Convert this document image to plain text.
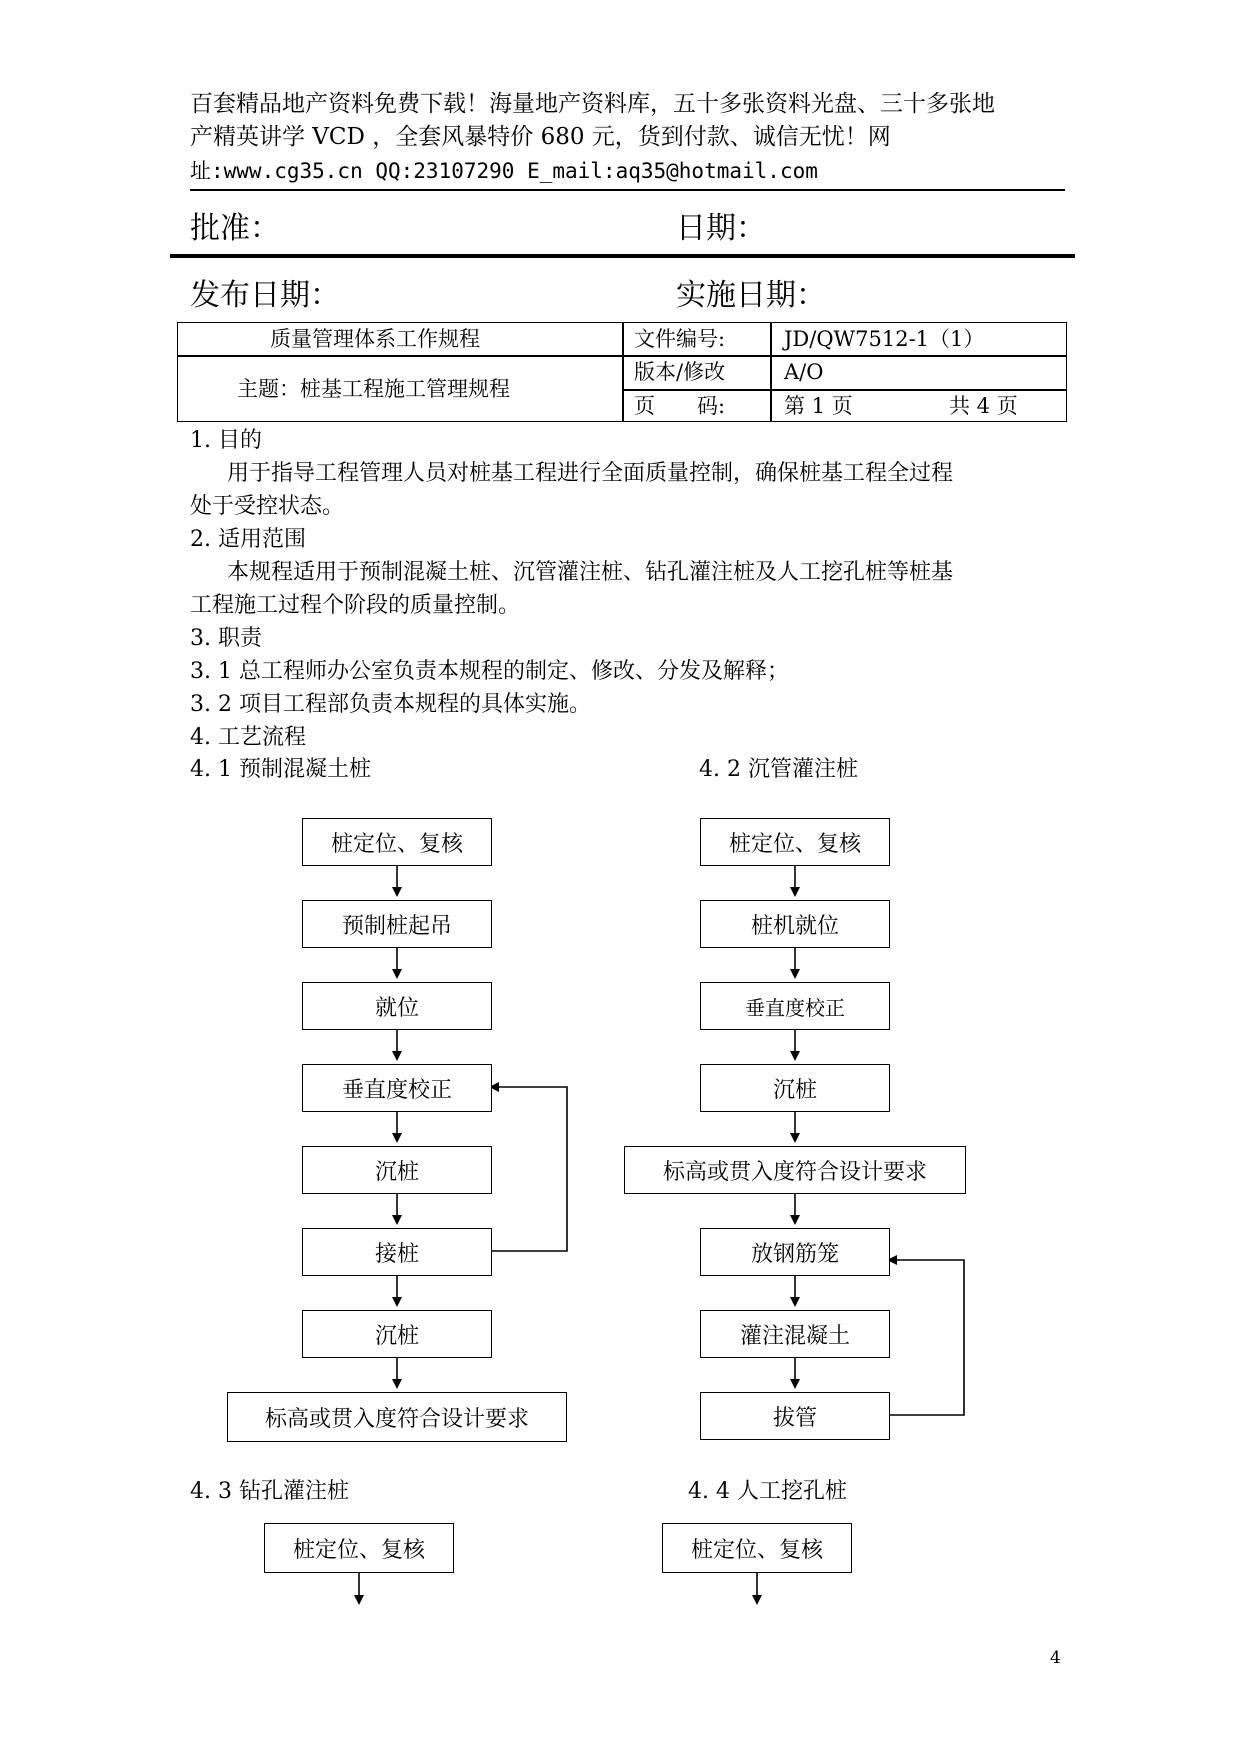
百套精品地产资料免费下载！海量地产资料库，五十多张资料光盘、三十多张地
产精英讲学 VCD ，全套风暴特价 680 元，货到付款、诚信无忧！网
址:www.cg35.cn QQ:23107290 E_mail:aq35@hotmail.com
批准：	日期：
发布日期：	实施日期：
质量管理体系工作规程
主题：桩基工程施工管理规程
文件编号:	JD/QW7512-1（1）
版本/修改	A/O
页　　码:	第 1 页	共 4 页
1. 目的
用于指导工程管理人员对桩基工程进行全面质量控制，确保桩基工程全过程
处于受控状态。
2. 适用范围
本规程适用于预制混凝土桩、沉管灌注桩、钻孔灌注桩及人工挖孔桩等桩基
工程施工过程个阶段的质量控制。
3. 职责
3. 1 总工程师办公室负责本规程的制定、修改、分发及解释；
3. 2 项目工程部负责本规程的具体实施。
4. 工艺流程
4. 1 预制混凝土桩	4. 2 沉管灌注桩
桩定位、复核
预制桩起吊
就位
垂直度校正
沉桩
接桩
沉桩
标高或贯入度符合设计要求
桩定位、复核
桩机就位
垂直度校正
沉桩
标高或贯入度符合设计要求
放钢筋笼
灌注混凝土
拔管
4. 3 钻孔灌注桩	4. 4 人工挖孔桩
桩定位、复核	桩定位、复核
4
